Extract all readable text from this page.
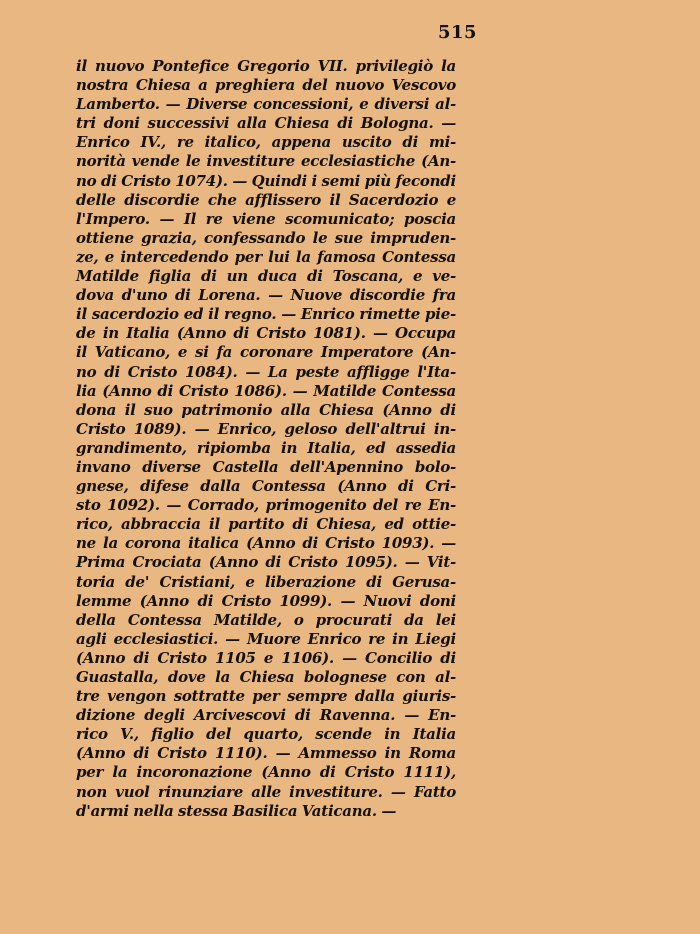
515
il nuovo Pontefice Gregorio VII. privilegiò la
nostra Chiesa a preghiera del nuovo Vescovo
Lamberto. — Diverse concessioni, e diversi al-
tri doni successivi alla Chiesa di Bologna. —
Enrico IV., re italico, appena uscito di mi-
norità vende le investiture ecclesiastiche (An-
no di Cristo 1074). — Quindi i semi più fecondi
delle discordie che afflissero il Sacerdozio e
l'Impero. — Il re viene scomunicato; poscia
ottiene grazia, confessando le sue impruden-
ze, e intercedendo per lui la famosa Contessa
Matilde figlia di un duca di Toscana, e ve-
dova d'uno di Lorena. — Nuove discordie fra
il sacerdozio ed il regno. — Enrico rimette pie-
de in Italia (Anno di Cristo 1081). — Occupa
il Vaticano, e si fa coronare Imperatore (An-
no di Cristo 1084). — La peste affligge l'Ita-
lia (Anno di Cristo 1086). — Matilde Contessa
dona il suo patrimonio alla Chiesa (Anno di
Cristo 1089). — Enrico, geloso dell'altrui in-
grandimento, ripiomba in Italia, ed assedia
invano diverse Castella dell'Apennino bolo-
gnese, difese dalla Contessa (Anno di Cri-
sto 1092). — Corrado, primogenito del re En-
rico, abbraccia il partito di Chiesa, ed ottie-
ne la corona italica (Anno di Cristo 1093). —
Prima Crociata (Anno di Cristo 1095). — Vit-
toria de' Cristiani, e liberazione di Gerusa-
lemme (Anno di Cristo 1099). — Nuovi doni
della Contessa Matilde, o procurati da lei
agli ecclesiastici. — Muore Enrico re in Liegi
(Anno di Cristo 1105 e 1106). — Concilio di
Guastalla, dove la Chiesa bolognese con al-
tre vengon sottratte per sempre dalla giuris-
dizione degli Arcivescovi di Ravenna. — En-
rico V., figlio del quarto, scende in Italia
(Anno di Cristo 1110). — Ammesso in Roma
per la incoronazione (Anno di Cristo 1111),
non vuol rinunziare alle investiture. — Fatto
d'armi nella stessa Basilica Vaticana. —
